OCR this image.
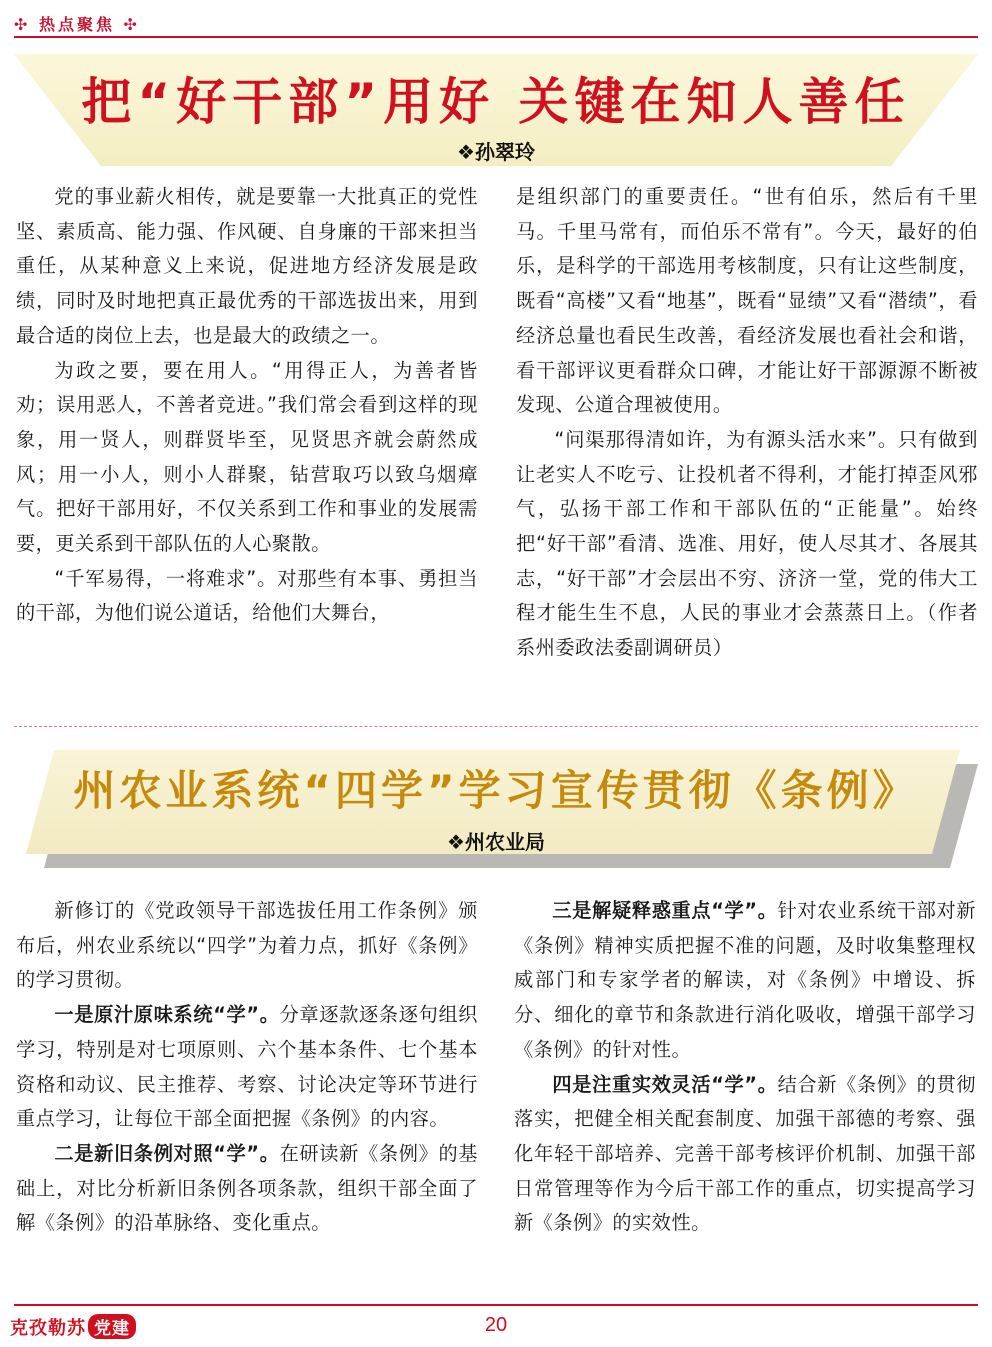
✣ 热点聚焦 ✣
把“好干部”用好 关键在知人善任
❖孙翠玲

党的事业薪火相传，就是要靠一大批真正的党性坚、素质高、能力强、作风硬、自身廉的干部来担当重任，从某种意义上来说，促进地方经济发展是政绩，同时及时地把真正最优秀的干部选拔出来，用到最合适的岗位上去，也是最大的政绩之一。

为政之要，要在用人。“用得正人，为善者皆劝；误用恶人，不善者竞进。”我们常会看到这样的现象，用一贤人，则群贤毕至，见贤思齐就会蔚然成风；用一小人，则小人群聚，钻营取巧以致乌烟瘴气。把好干部用好，不仅关系到工作和事业的发展需要，更关系到干部队伍的人心聚散。

“千军易得，一将难求”。对那些有本事、勇担当的干部，为他们说公道话，给他们大舞台，

是组织部门的重要责任。“世有伯乐，然后有千里马。千里马常有，而伯乐不常有”。今天，最好的伯乐，是科学的干部选用考核制度，只有让这些制度，既看“高楼”又看“地基”，既看“显绩”又看“潜绩”，看经济总量也看民生改善，看经济发展也看社会和谐，看干部评议更看群众口碑，才能让好干部源源不断被发现、公道合理被使用。

“问渠那得清如许，为有源头活水来”。只有做到让老实人不吃亏、让投机者不得利，才能打掉歪风邪气，弘扬干部工作和干部队伍的“正能量”。始终把“好干部”看清、选准、用好，使人尽其才、各展其志，“好干部”才会层出不穷、济济一堂，党的伟大工程才能生生不息，人民的事业才会蒸蒸日上。（作者系州委政法委副调研员）

州农业系统“四学”学习宣传贯彻《条例》
❖州农业局

新修订的《党政领导干部选拔任用工作条例》颁布后，州农业系统以“四学”为着力点，抓好《条例》的学习贯彻。

一是原汁原味系统“学”。分章逐款逐条逐句组织学习，特别是对七项原则、六个基本条件、七个基本资格和动议、民主推荐、考察、讨论决定等环节进行重点学习，让每位干部全面把握《条例》的内容。

二是新旧条例对照“学”。在研读新《条例》的基础上，对比分析新旧条例各项条款，组织干部全面了解《条例》的沿革脉络、变化重点。

三是解疑释惑重点“学”。针对农业系统干部对新《条例》精神实质把握不准的问题，及时收集整理权威部门和专家学者的解读，对《条例》中增设、拆分、细化的章节和条款进行消化吸收，增强干部学习《条例》的针对性。

四是注重实效灵活“学”。结合新《条例》的贯彻落实，把健全相关配套制度、加强干部德的考察、强化年轻干部培养、完善干部考核评价机制、加强干部日常管理等作为今后干部工作的重点，切实提高学习新《条例》的实效性。

克孜勒苏 党建	20
